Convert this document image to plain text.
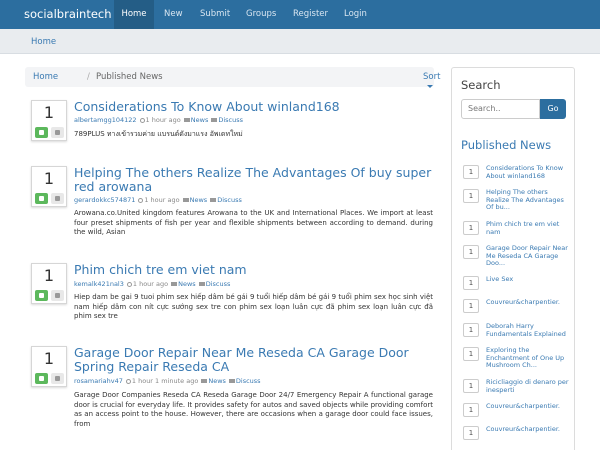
socialbraintech	Home	New Submit Groups Register Login
Home
Home	/ Published News	Sort
1	Considerations To Know About winland168
albertamgg104122 1 hour ago News Discuss
789PLUS ทางเข้ารวมค่าย แบรนด์ดังมาแรง อัพเดทใหม่
1	Helping The others Realize The Advantages Of buy super red arowana
gerardokkc574871 1 hour ago News Discuss
Arowana.co.United kingdom features Arowana to the UK and International Places. We import at least four preset shipments of fish per year and flexible shipments between according to demand. during the wild, Asian
1	Phim chich tre em viet nam
kemalk421nal3 1 hour ago News Discuss
Hiep dam be gai 9 tuoi phim sex hiếp dâm bé gái 9 tuổi hiếp dâm bé gái 9 tuổi phim sex học sinh việt nam hiếp dâm con nít cực sướng sex tre con phim sex loạn luân cực đã phim sex loạn luân cực đã phim sex tre
1	Garage Door Repair Near Me Reseda CA Garage Door Spring Repair Reseda CA
rosamariahv47 1 hour 1 minute ago News Discuss
Garage Door Companies Reseda CA Reseda Garage Door 24/7 Emergency Repair A functional garage door is crucial for everyday life. It provides safety for autos and saved objects while providing comfort as an access point to the house. However, there are occasions when a garage door could face issues, from
Search
Search..	Go
Published News
1	Considerations To Know About winland168
1	Helping The others Realize The Advantages Of bu...
1	Phim chich tre em viet nam
1	Garage Door Repair Near Me Reseda CA Garage Doo...
1	Live Sex
1	Couvreur&charpentier.
1	Deborah Harry Fundamentals Explained
1	Exploring the Enchantment of One Up Mushroom Ch...
1	Ricicliaggio di denaro per inesperti
1	Couvreur&charpentier.
1	Couvreur&charpentier.
